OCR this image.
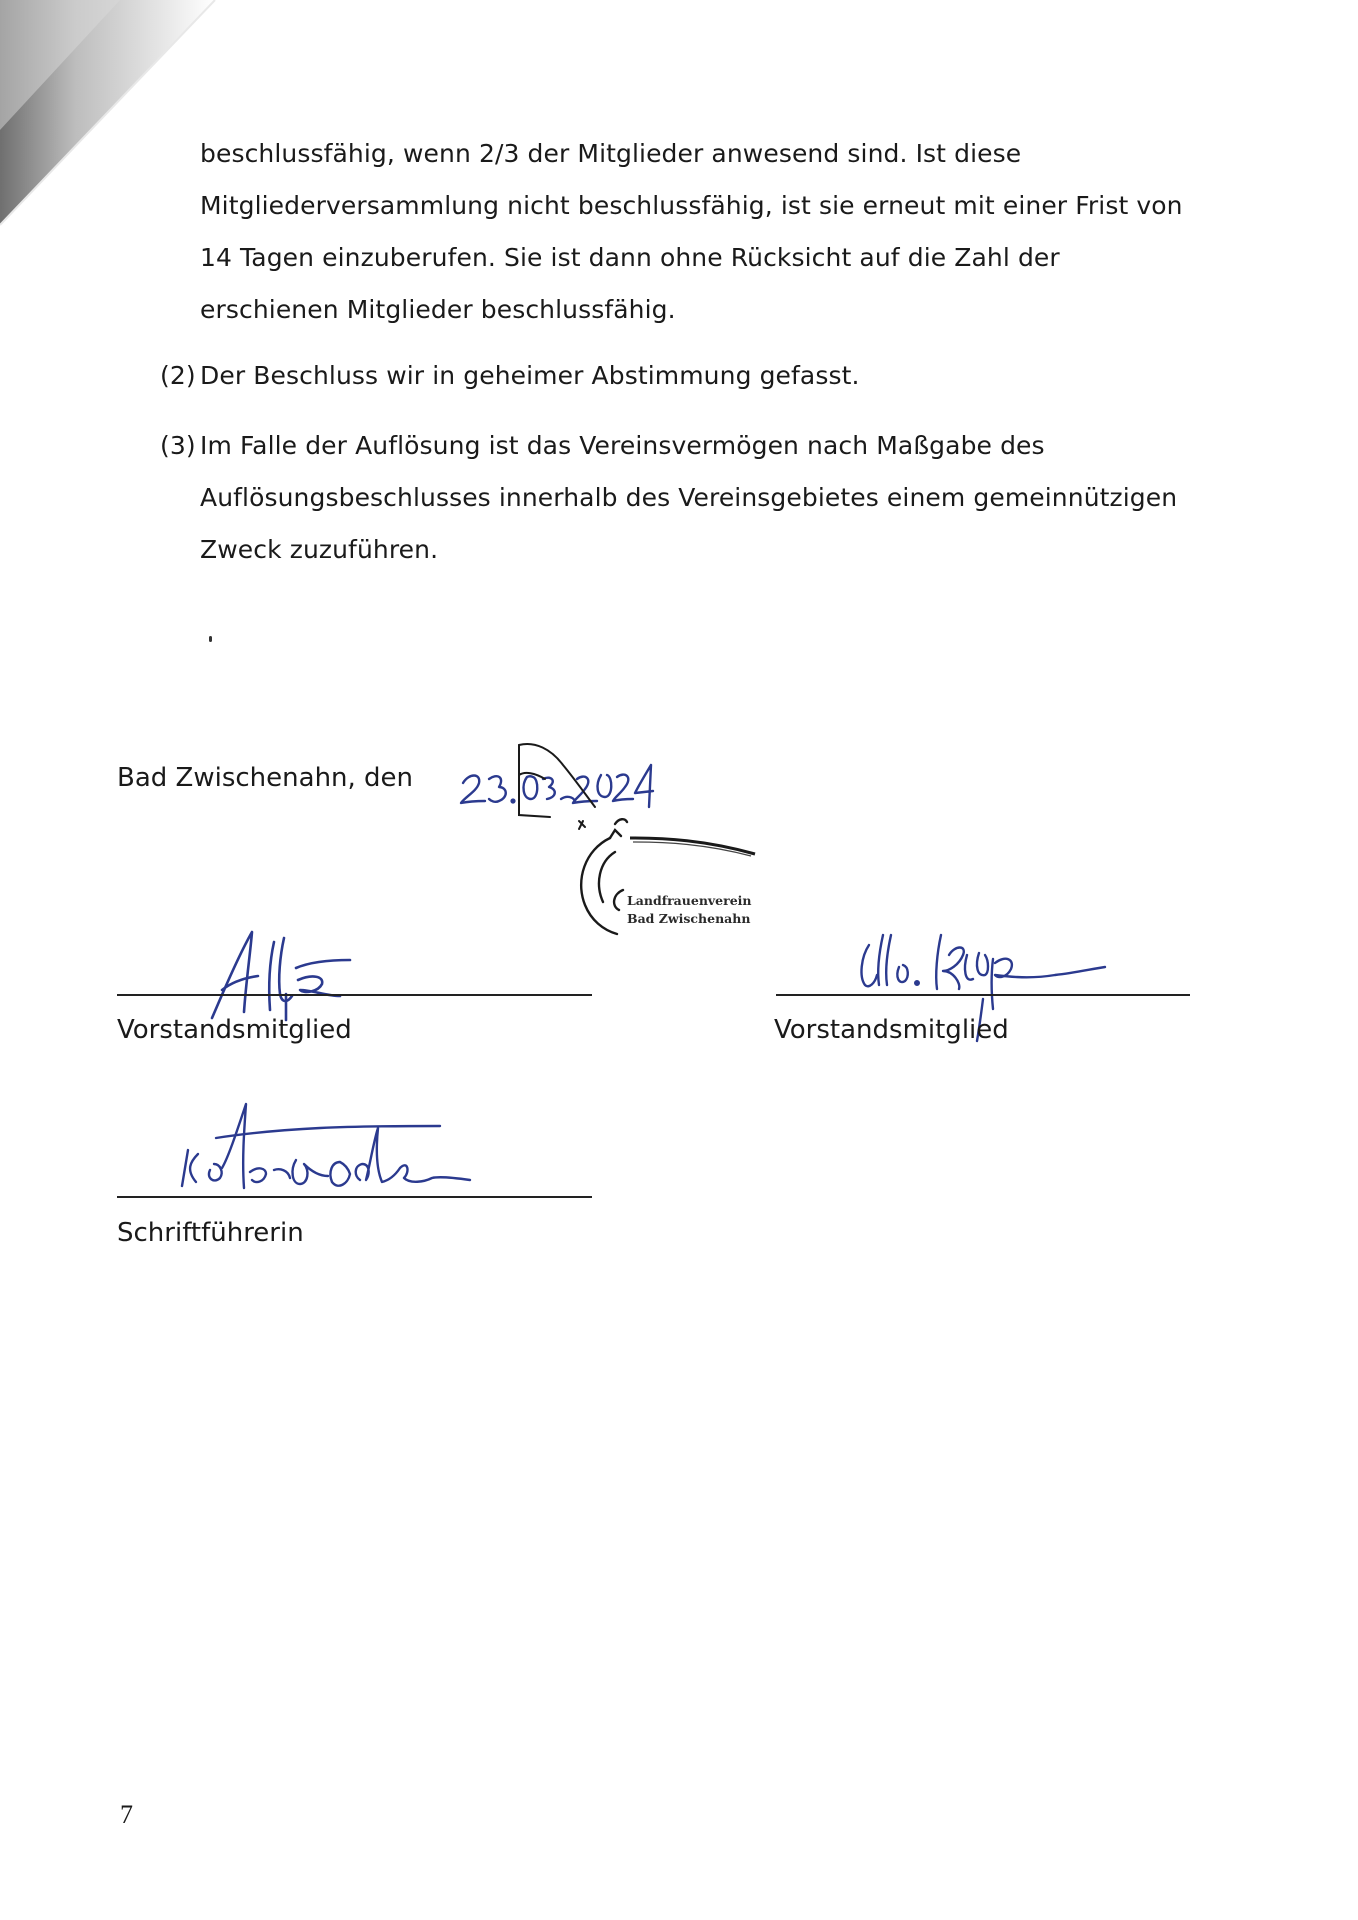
beschlussfähig, wenn 2/3 der Mitglieder anwesend sind. Ist diese
Mitgliederversammlung nicht beschlussfähig, ist sie erneut mit einer Frist von
14 Tagen einzuberufen. Sie ist dann ohne Rücksicht auf die Zahl der
erschienen Mitglieder beschlussfähig.
(2) Der Beschluss wir in geheimer Abstimmung gefasst.
(3) Im Falle der Auflösung ist das Vereinsvermögen nach Maßgabe des
Auflösungsbeschlusses innerhalb des Vereinsgebietes einem gemeinnützigen
Zweck zuzuführen.
Bad Zwischenahn, den
Landfrauenverein
Bad Zwischenahn
Vorstandsmitglied	Vorstandsmitglied
Schriftführerin
7
